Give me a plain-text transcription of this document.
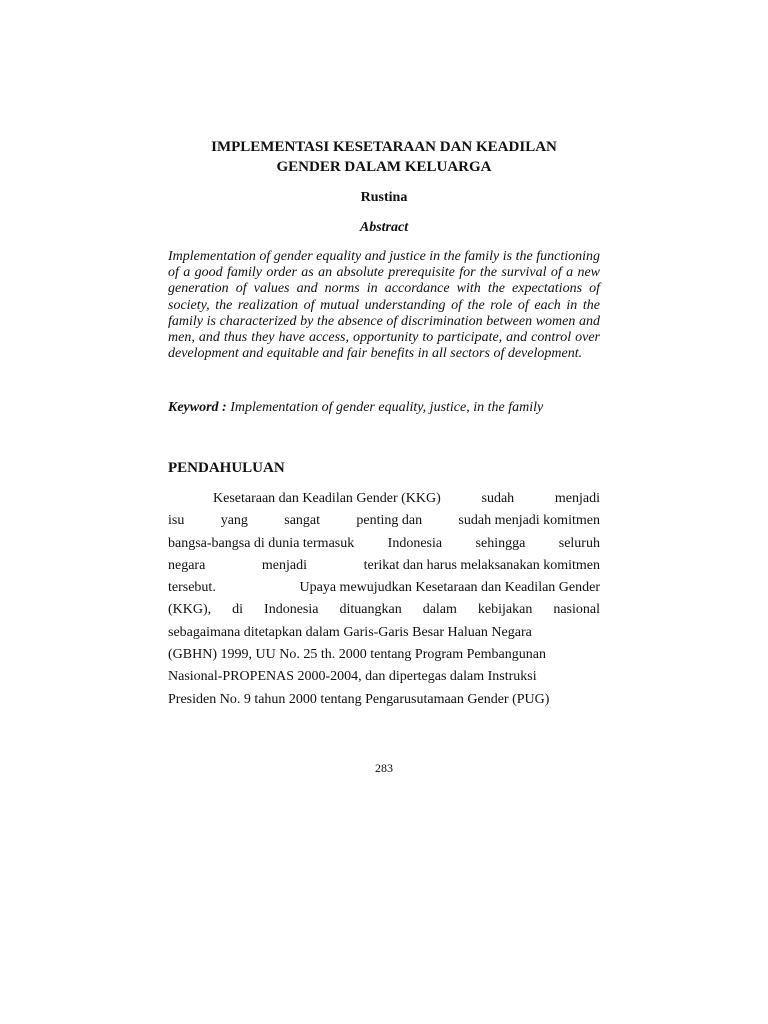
IMPLEMENTASI KESETARAAN DAN KEADILAN
GENDER DALAM KELUARGA
Rustina
Abstract

Implementation of gender equality and justice in the family is the functioning of a good family order as an absolute prerequisite for the survival of a new generation of values and norms in accordance with the expectations of society, the realization of mutual understanding of the role of each in the family is characterized by the absence of discrimination between women and men, and thus they have access, opportunity to participate, and control over development and equitable and fair benefits in all sectors of development.

Keyword : Implementation of gender equality, justice, in the family

PENDAHULUAN
Kesetaraan dan Keadilan Gender (KKG)	sudah	menjadi
isu	yang	sangat	penting dan	sudah menjadi komitmen
bangsa-bangsa di dunia termasuk Indonesia sehingga seluruh
negara	menjadi	terikat dan harus melaksanakan komitmen
tersebut.	Upaya mewujudkan Kesetaraan dan Keadilan Gender
(KKG), di Indonesia dituangkan dalam kebijakan nasional
sebagaimana ditetapkan dalam Garis-Garis Besar Haluan Negara
(GBHN) 1999, UU No. 25 th. 2000 tentang Program Pembangunan
Nasional-PROPENAS 2000-2004, dan dipertegas dalam Instruksi
Presiden No. 9 tahun 2000 tentang Pengarusutamaan Gender (PUG)
283
